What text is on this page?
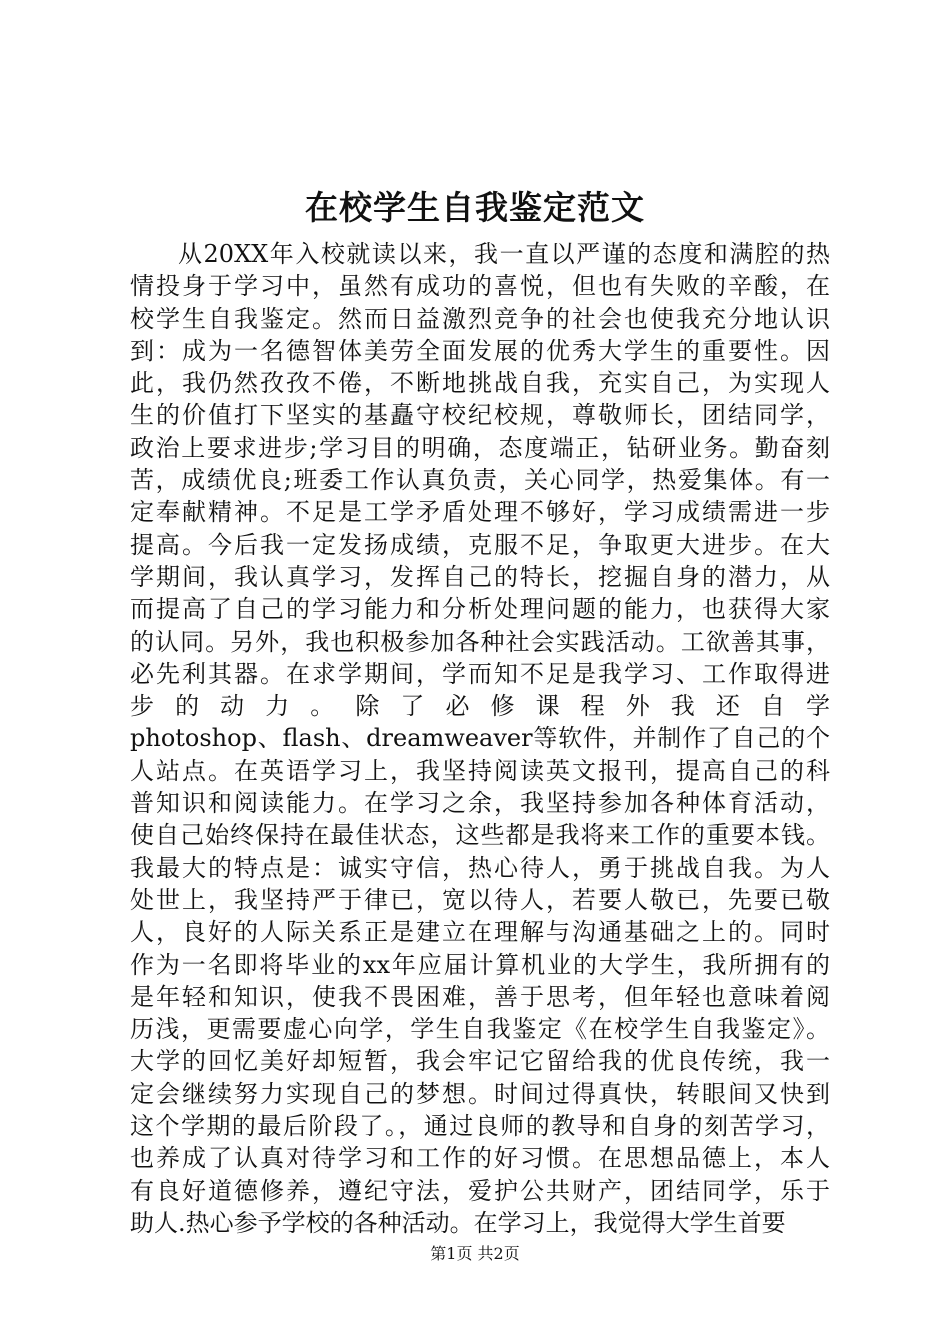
在校学生自我鉴定范文
从20XX年入校就读以来，我一直以严谨的态度和满腔的热
情投身于学习中，虽然有成功的喜悦，但也有失败的辛酸，在
校学生自我鉴定。然而日益激烈竞争的社会也使我充分地认识
到：成为一名德智体美劳全面发展的优秀大学生的重要性。因
此，我仍然孜孜不倦，不断地挑战自我，充实自己，为实现人
生的价值打下坚实的基矗守校纪校规，尊敬师长，团结同学，
政治上要求进步;学习目的明确，态度端正，钻研业务。勤奋刻
苦，成绩优良;班委工作认真负责，关心同学，热爱集体。有一
定奉献精神。不足是工学矛盾处理不够好，学习成绩需进一步
提高。今后我一定发扬成绩，克服不足，争取更大进步。在大
学期间，我认真学习，发挥自己的特长，挖掘自身的潜力，从
而提高了自己的学习能力和分析处理问题的能力，也获得大家
的认同。另外，我也积极参加各种社会实践活动。工欲善其事，
必先利其器。在求学期间，学而知不足是我学习、工作取得进
步 的 动 力 。 除 了 必 修 课 程 外 我 还 自 学
photoshop、flash、dreamweaver等软件，并制作了自己的个
人站点。在英语学习上，我坚持阅读英文报刊，提高自己的科
普知识和阅读能力。在学习之余，我坚持参加各种体育活动，
使自己始终保持在最佳状态，这些都是我将来工作的重要本钱。
我最大的特点是：诚实守信，热心待人，勇于挑战自我。为人
处世上，我坚持严于律已，宽以待人，若要人敬已，先要已敬
人，良好的人际关系正是建立在理解与沟通基础之上的。同时
作为一名即将毕业的xx年应届计算机业的大学生，我所拥有的
是年轻和知识，使我不畏困难，善于思考，但年轻也意味着阅
历浅，更需要虚心向学，学生自我鉴定《在校学生自我鉴定》。
大学的回忆美好却短暂，我会牢记它留给我的优良传统，我一
定会继续努力实现自己的梦想。时间过得真快，转眼间又快到
这个学期的最后阶段了。，通过良师的教导和自身的刻苦学习，
也养成了认真对待学习和工作的好习惯。在思想品德上，本人
有良好道德修养，遵纪守法，爱护公共财产，团结同学，乐于
助人.热心参予学校的各种活动。在学习上，我觉得大学生首要
第1页 共2页
